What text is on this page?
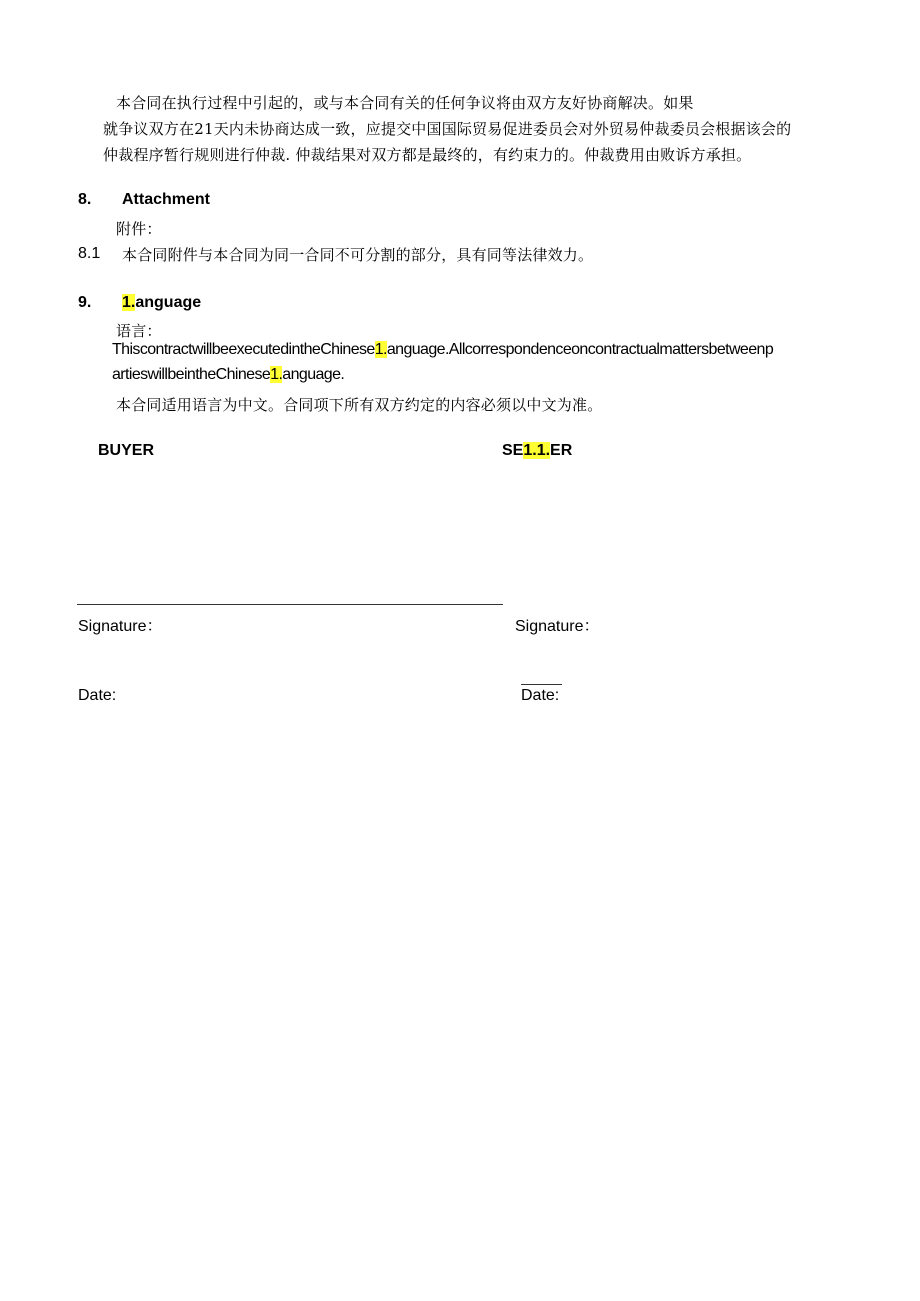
本合同在执行过程中引起的，或与本合同有关的任何争议将由双方友好协商解决。如果
就争议双方在21天内未协商达成一致，应提交中国国际贸易促进委员会对外贸易仲裁委员会根据该会的
仲裁程序暂行规则进行仲裁. 仲裁结果对双方都是最终的，有约束力的。仲裁费用由败诉方承担。
8. Attachment
附件：
8.1 本合同附件与本合同为同一合同不可分割的部分，具有同等法律效力。
9. 1.anguage
语言：
ThiscontractwillbeexecutedintheChinese1.anguage.Allcorrespondenceoncontractualmattersbetweenp
artieswillbeintheChinese1.anguage.
本合同适用语言为中文。合同项下所有双方约定的内容必须以中文为准。
BUYER	SE1.1.ER
Signature：	Signature：
Date:	Date:
